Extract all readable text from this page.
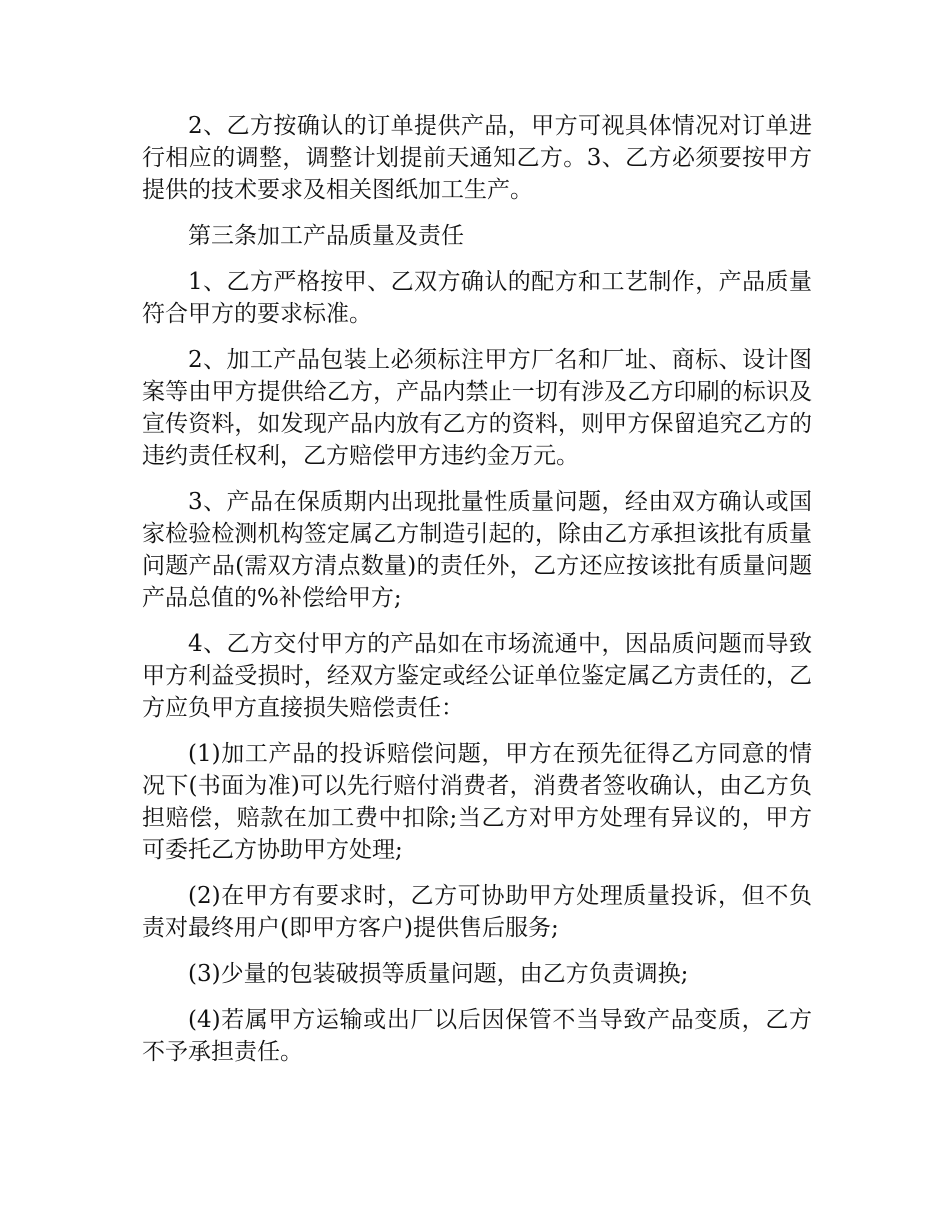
2、乙方按确认的订单提供产品，甲方可视具体情况对订单进行相应的调整，调整计划提前天通知乙方。3、乙方必须要按甲方提供的技术要求及相关图纸加工生产。

第三条加工产品质量及责任

1、乙方严格按甲、乙双方确认的配方和工艺制作，产品质量符合甲方的要求标准。

2、加工产品包装上必须标注甲方厂名和厂址、商标、设计图案等由甲方提供给乙方，产品内禁止一切有涉及乙方印刷的标识及宣传资料，如发现产品内放有乙方的资料，则甲方保留追究乙方的违约责任权利，乙方赔偿甲方违约金万元。

3、产品在保质期内出现批量性质量问题，经由双方确认或国家检验检测机构签定属乙方制造引起的，除由乙方承担该批有质量问题产品(需双方清点数量)的责任外，乙方还应按该批有质量问题产品总值的%补偿给甲方;

4、乙方交付甲方的产品如在市场流通中，因品质问题而导致甲方利益受损时，经双方鉴定或经公证单位鉴定属乙方责任的，乙方应负甲方直接损失赔偿责任：

(1)加工产品的投诉赔偿问题，甲方在预先征得乙方同意的情况下(书面为准)可以先行赔付消费者，消费者签收确认，由乙方负担赔偿，赔款在加工费中扣除;当乙方对甲方处理有异议的，甲方可委托乙方协助甲方处理;

(2)在甲方有要求时，乙方可协助甲方处理质量投诉，但不负责对最终用户(即甲方客户)提供售后服务;

(3)少量的包装破损等质量问题，由乙方负责调换;

(4)若属甲方运输或出厂以后因保管不当导致产品变质，乙方不予承担责任。
